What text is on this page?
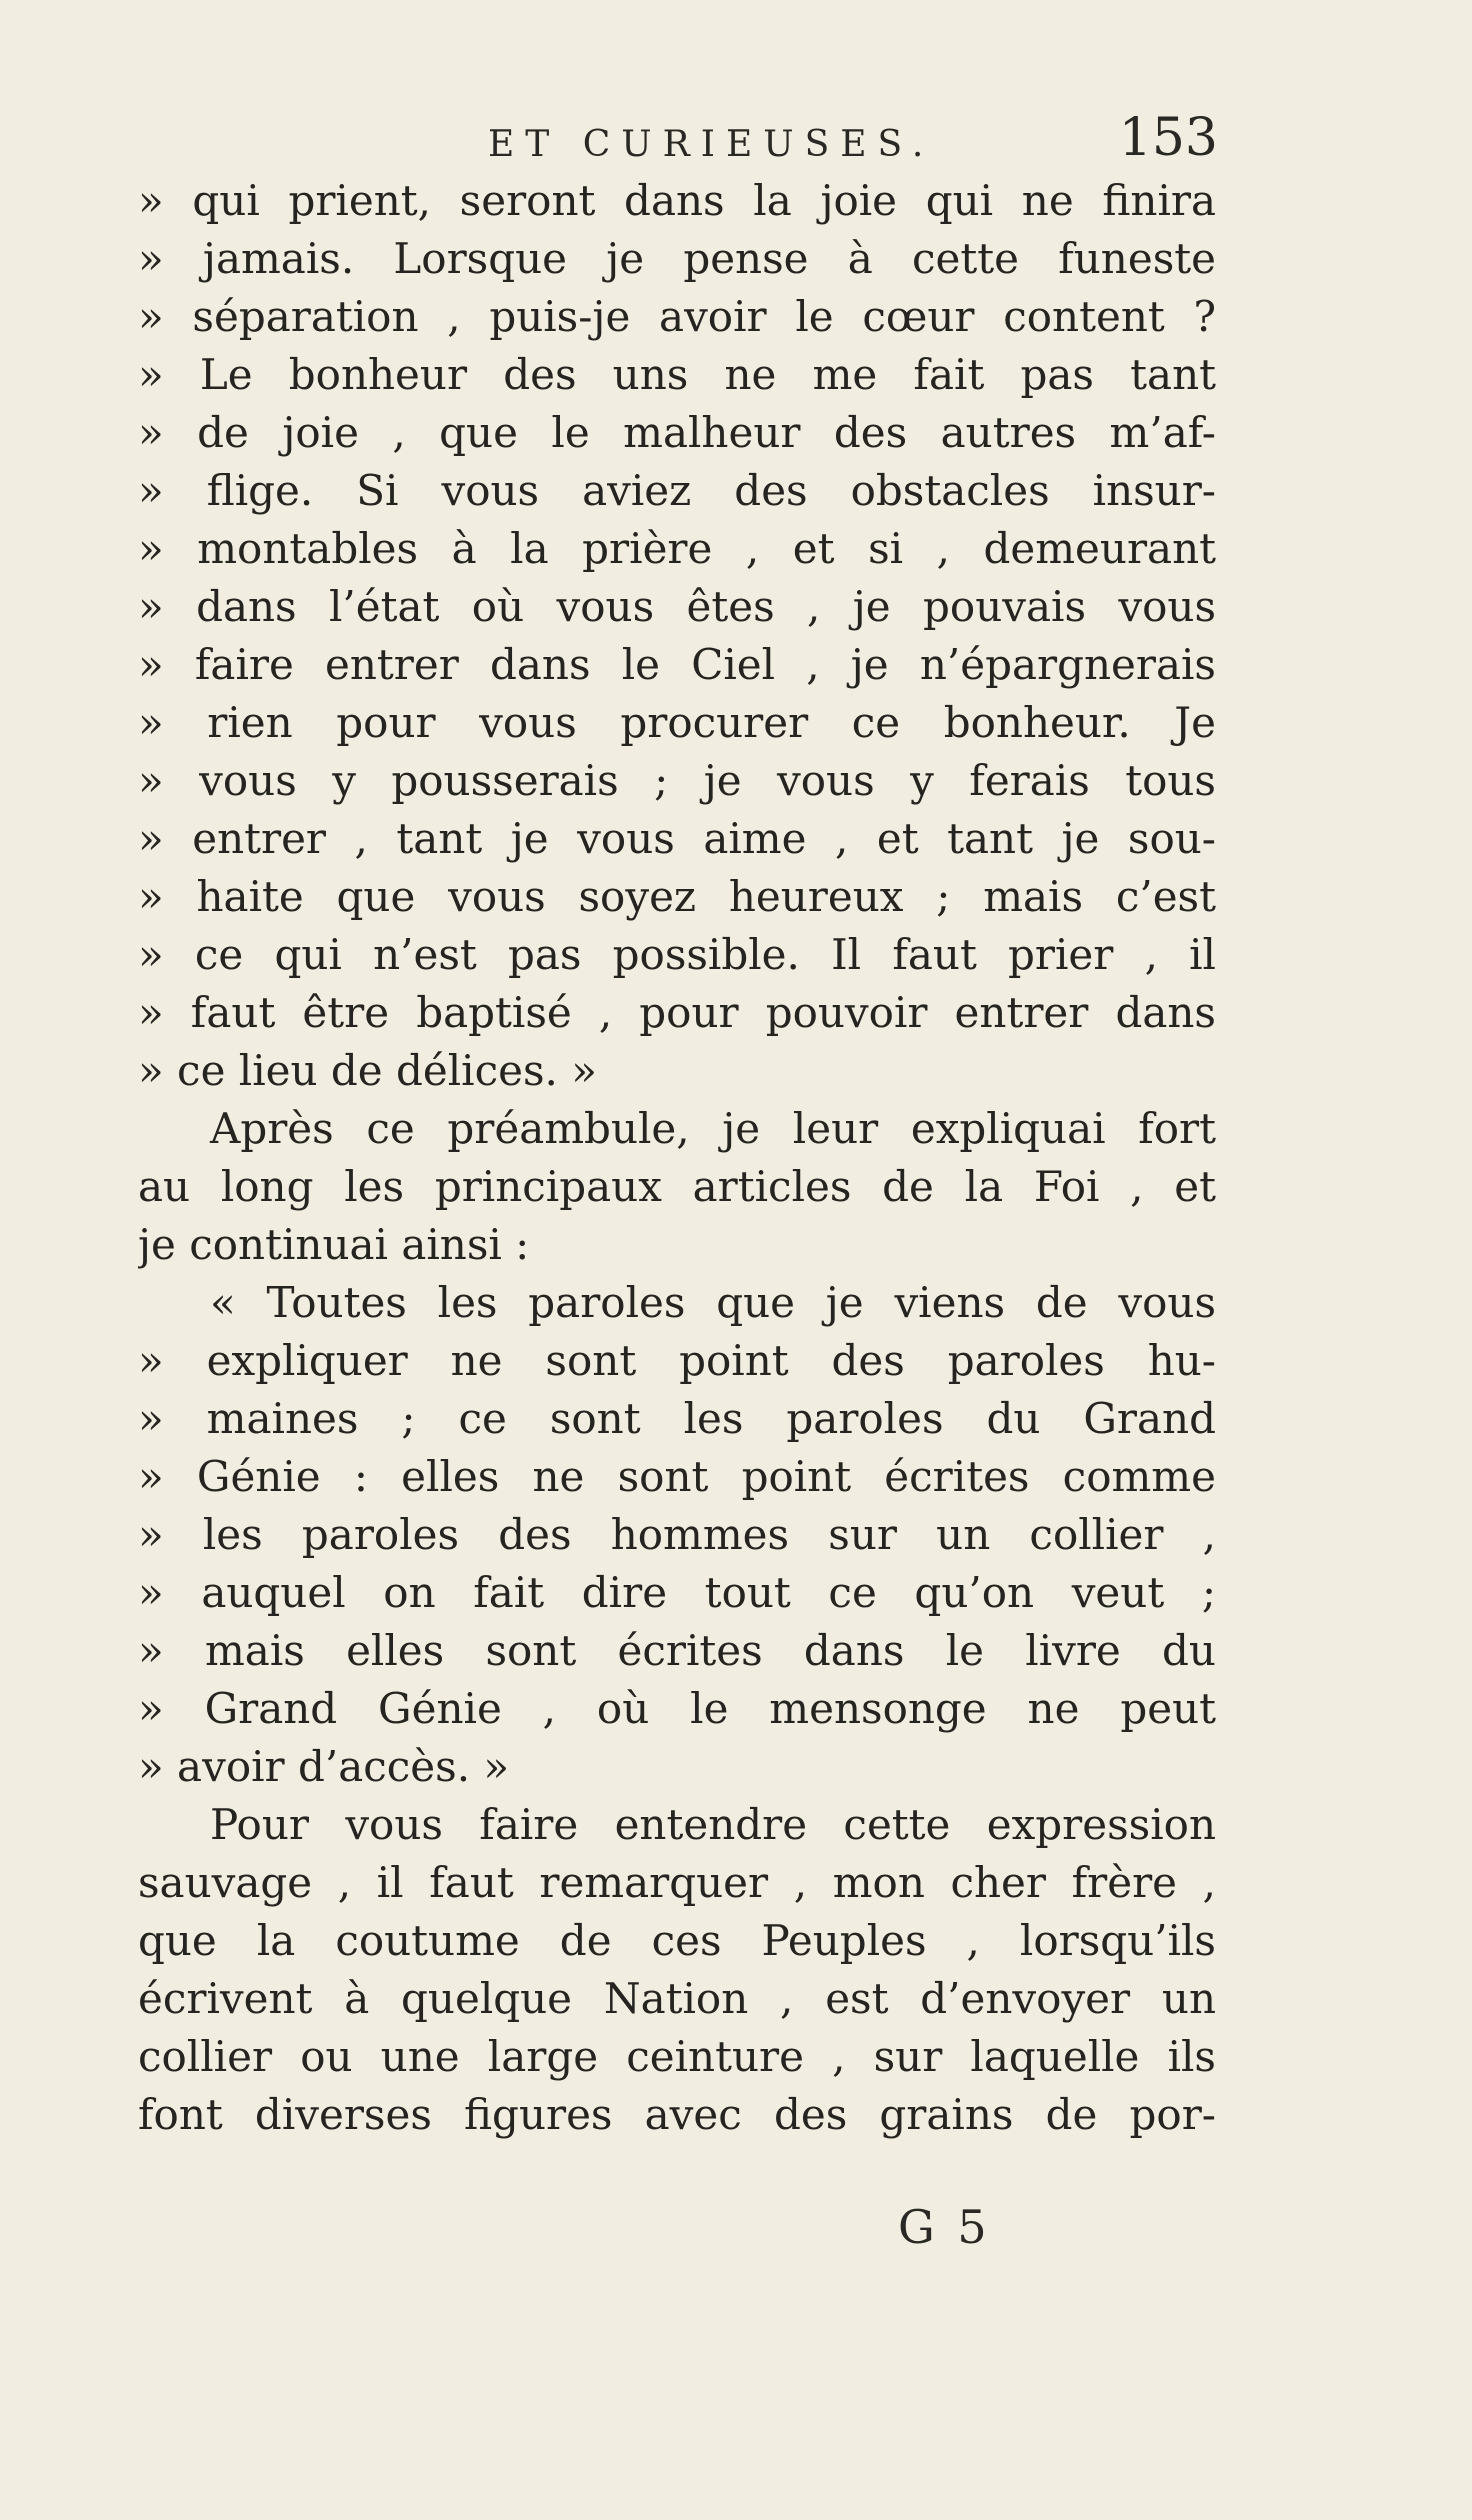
ET CURIEUSES.	153
» qui prient, seront dans la joie qui ne finira
» jamais. Lorsque je pense à cette funeste
» séparation , puis-je avoir le cœur content ?
» Le bonheur des uns ne me fait pas tant
» de joie , que le malheur des autres m’af-
» flige. Si vous aviez des obstacles insur-
» montables à la prière , et si , demeurant
» dans l’état où vous êtes , je pouvais vous
» faire entrer dans le Ciel , je n’épargnerais
» rien pour vous procurer ce bonheur. Je
» vous y pousserais ; je vous y ferais tous
» entrer , tant je vous aime , et tant je sou-
» haite que vous soyez heureux ; mais c’est
» ce qui n’est pas possible. Il faut prier , il
» faut être baptisé , pour pouvoir entrer dans
» ce lieu de délices. »
Après ce préambule, je leur expliquai fort
au long les principaux articles de la Foi , et
je continuai ainsi :
« Toutes les paroles que je viens de vous
» expliquer ne sont point des paroles hu-
» maines ; ce sont les paroles du Grand
» Génie : elles ne sont point écrites comme
» les paroles des hommes sur un collier ,
» auquel on fait dire tout ce qu’on veut ;
» mais elles sont écrites dans le livre du
» Grand Génie , où le mensonge ne peut
» avoir d’accès. »
Pour vous faire entendre cette expression
sauvage , il faut remarquer , mon cher frère ,
que la coutume de ces Peuples , lorsqu’ils
écrivent à quelque Nation , est d’envoyer un
collier ou une large ceinture , sur laquelle ils
font diverses figures avec des grains de por-
G 5
